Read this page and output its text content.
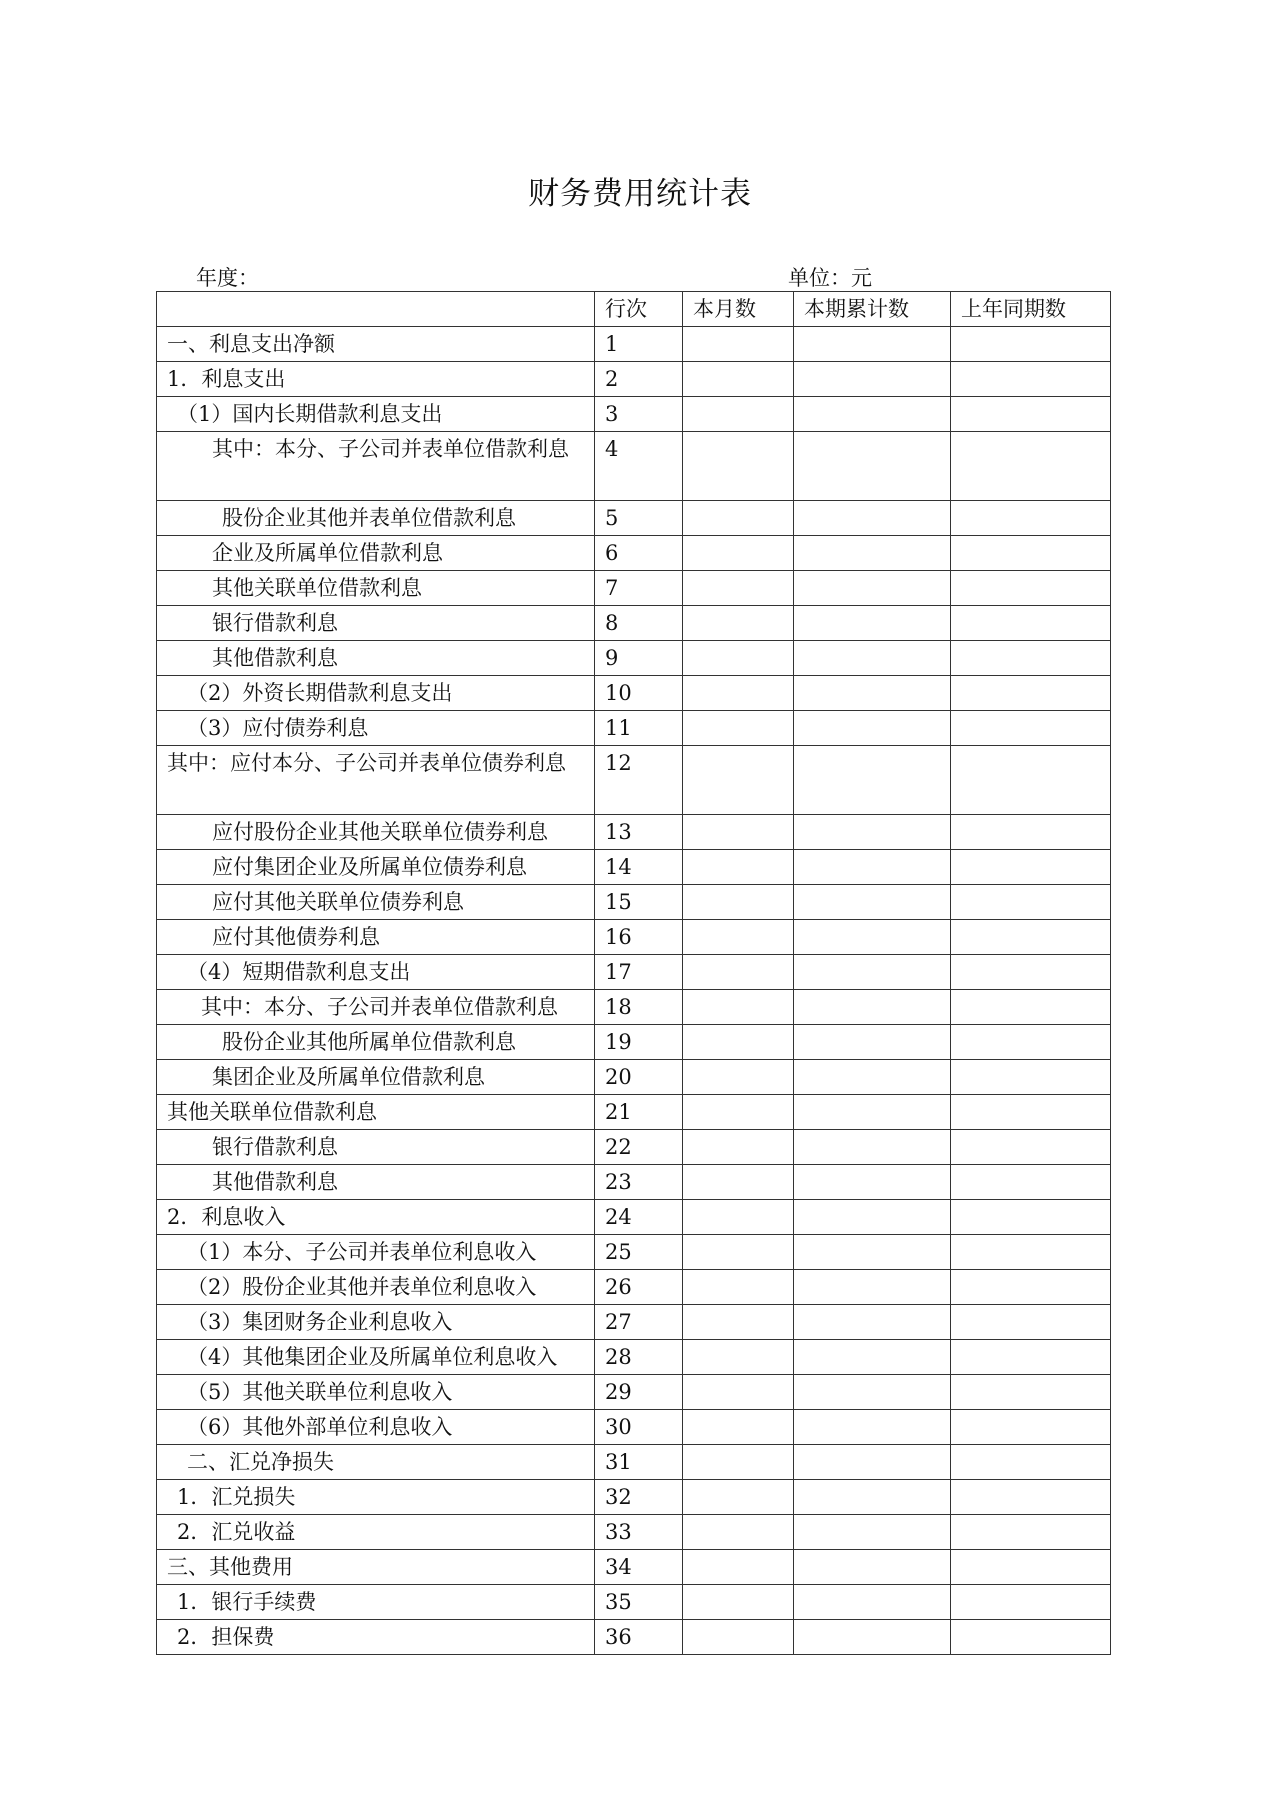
财务费用统计表
年度：	单位：元
	行次	本月数	本期累计数	上年同期数
一、利息支出净额	1			
1．利息支出	2			
（1）国内长期借款利息支出	3			
其中：本分、子公司并表单位借款利息	4			
股份企业其他并表单位借款利息	5			
企业及所属单位借款利息	6			
其他关联单位借款利息	7			
银行借款利息	8			
其他借款利息	9			
（2）外资长期借款利息支出	10			
（3）应付债券利息	11			
其中：应付本分、子公司并表单位债券利息	12			
应付股份企业其他关联单位债券利息	13			
应付集团企业及所属单位债券利息	14			
应付其他关联单位债券利息	15			
应付其他债券利息	16			
（4）短期借款利息支出	17			
其中：本分、子公司并表单位借款利息	18			
股份企业其他所属单位借款利息	19			
集团企业及所属单位借款利息	20			
其他关联单位借款利息	21			
银行借款利息	22			
其他借款利息	23			
2．利息收入	24			
（1）本分、子公司并表单位利息收入	25			
（2）股份企业其他并表单位利息收入	26			
（3）集团财务企业利息收入	27			
（4）其他集团企业及所属单位利息收入	28			
（5）其他关联单位利息收入	29			
（6）其他外部单位利息收入	30			
二、汇兑净损失	31			
1．汇兑损失	32			
2．汇兑收益	33			
三、其他费用	34			
1．银行手续费	35			
2．担保费	36			
